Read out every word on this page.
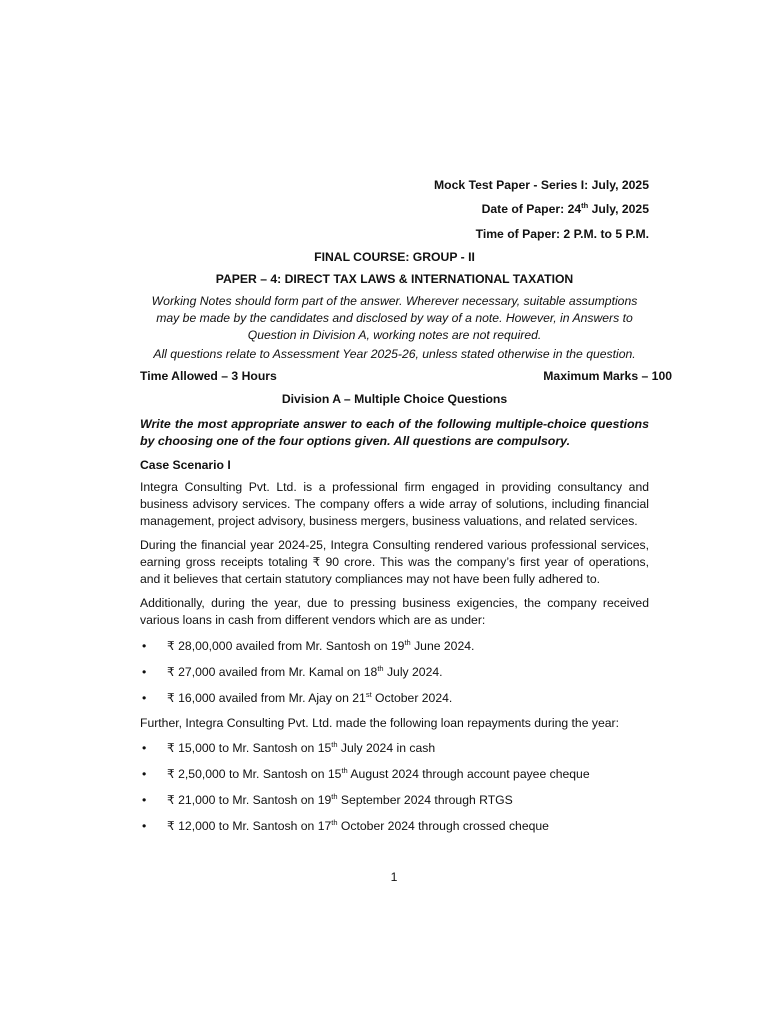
Mock Test Paper - Series I: July, 2025
Date of Paper: 24th July, 2025
Time of Paper: 2 P.M. to 5 P.M.
FINAL COURSE: GROUP - II
PAPER – 4: DIRECT TAX LAWS & INTERNATIONAL TAXATION
Working Notes should form part of the answer. Wherever necessary, suitable assumptions may be made by the candidates and disclosed by way of a note. However, in Answers to Question in Division A, working notes are not required.
All questions relate to Assessment Year 2025-26, unless stated otherwise in the question.
Time Allowed – 3 Hours	Maximum Marks – 100
Division A – Multiple Choice Questions
Write the most appropriate answer to each of the following multiple-choice questions by choosing one of the four options given. All questions are compulsory.
Case Scenario I
Integra Consulting Pvt. Ltd. is a professional firm engaged in providing consultancy and business advisory services. The company offers a wide array of solutions, including financial management, project advisory, business mergers, business valuations, and related services.
During the financial year 2024-25, Integra Consulting rendered various professional services, earning gross receipts totaling ₹ 90 crore. This was the company’s first year of operations, and it believes that certain statutory compliances may not have been fully adhered to.
Additionally, during the year, due to pressing business exigencies, the company received various loans in cash from different vendors which are as under:
• ₹ 28,00,000 availed from Mr. Santosh on 19th June 2024.
• ₹ 27,000 availed from Mr. Kamal on 18th July 2024.
• ₹ 16,000 availed from Mr. Ajay on 21st October 2024.
Further, Integra Consulting Pvt. Ltd. made the following loan repayments during the year:
• ₹ 15,000 to Mr. Santosh on 15th July 2024 in cash
• ₹ 2,50,000 to Mr. Santosh on 15th August 2024 through account payee cheque
• ₹ 21,000 to Mr. Santosh on 19th September 2024 through RTGS
• ₹ 12,000 to Mr. Santosh on 17th October 2024 through crossed cheque
1
